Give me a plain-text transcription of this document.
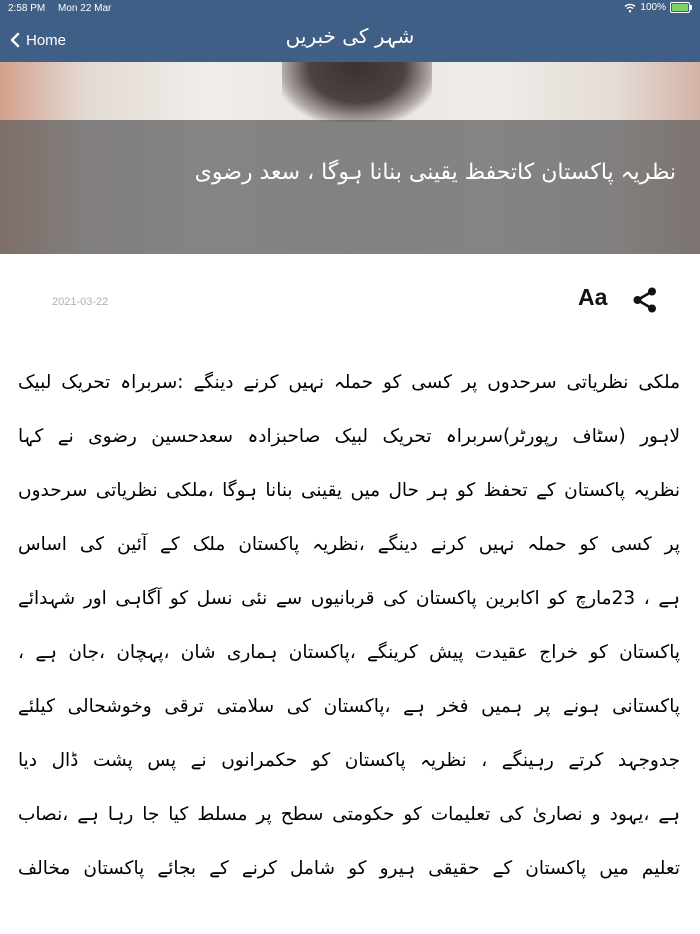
2:58 PM Mon 22 Mar	100%
Home	شہر کی خبریں
نظریہ پاکستان کاتحفظ یقینی بنانا ہوگا ، سعد رضوی
2021-03-22	Aa

ملکی نظریاتی سرحدوں پر کسی کو حملہ نہیں کرنے دینگے :سربراہ تحریک لبیک

لاہور (سٹاف رپورٹر)سربراہ تحریک لبیک صاحبزادہ سعدحسین رضوی نے کہا

نظریہ پاکستان کے تحفظ کو ہر حال میں یقینی بنانا ہوگا ،ملکی نظریاتی سرحدوں

پر کسی کو حملہ نہیں کرنے دینگے ،نظریہ پاکستان ملک کے آئین کی اساس

ہے ، 23مارچ کو اکابرین پاکستان کی قربانیوں سے نئی نسل کو آگاہی اور شہدائے

پاکستان کو خراج عقیدت پیش کرینگے ،پاکستان ہماری شان ،پہچان ،جان ہے ،

پاکستانی ہونے پر ہمیں فخر ہے ،پاکستان کی سلامتی ترقی وخوشحالی کیلئے

جدوجہد کرتے رہینگے ، نظریہ پاکستان کو حکمرانوں نے پس پشت ڈال دیا

ہے ،یہود و نصاریٰ کی تعلیمات کو حکومتی سطح پر مسلط کیا جا رہا ہے ،نصاب

تعلیم میں پاکستان کے حقیقی ہیرو کو شامل کرنے کے بجائے پاکستان مخالف
